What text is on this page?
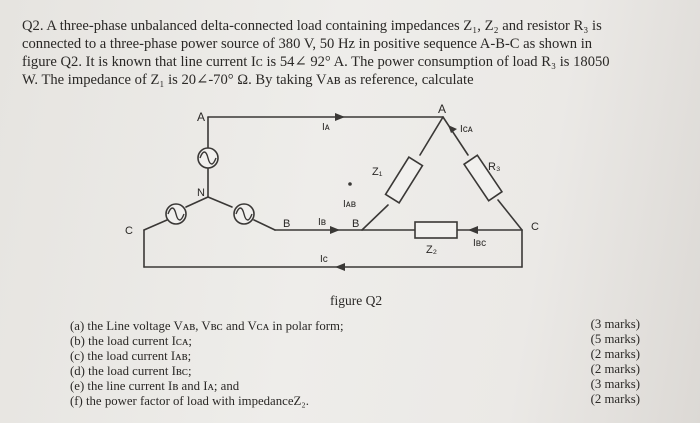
Q2. A three-phase unbalanced delta-connected load containing impedances Z₁, Z₂ and resistor R₃ is
connected to a three-phase power source of 380 V, 50 Hz in positive sequence A-B-C as shown in
figure Q2. It is known that line current Iᴄ is 54∠ 92° A. The power consumption of load R₃ is 18050
W. The impedance of Z₁ is 20∠-70° Ω. By taking Vᴀʙ as reference, calculate
A
A
N
B
C	C
B
Iᴀ
Iʙ
Iᴄ
Iᴄᴀ
Iᴀʙ
Iʙᴄ
Z₁
Z₂
R₃
figure Q2
(a) the Line voltage Vᴀʙ, Vʙᴄ and Vᴄᴀ in polar form;
(b) the load current Iᴄᴀ;
(c) the load current Iᴀʙ;
(d) the load current Iʙᴄ;
(e) the line current Iʙ and Iᴀ; and
(f) the power factor of load with impedanceZ₂.
(3 marks)
(5 marks)
(2 marks)
(2 marks)
(3 marks)
(2 marks)
